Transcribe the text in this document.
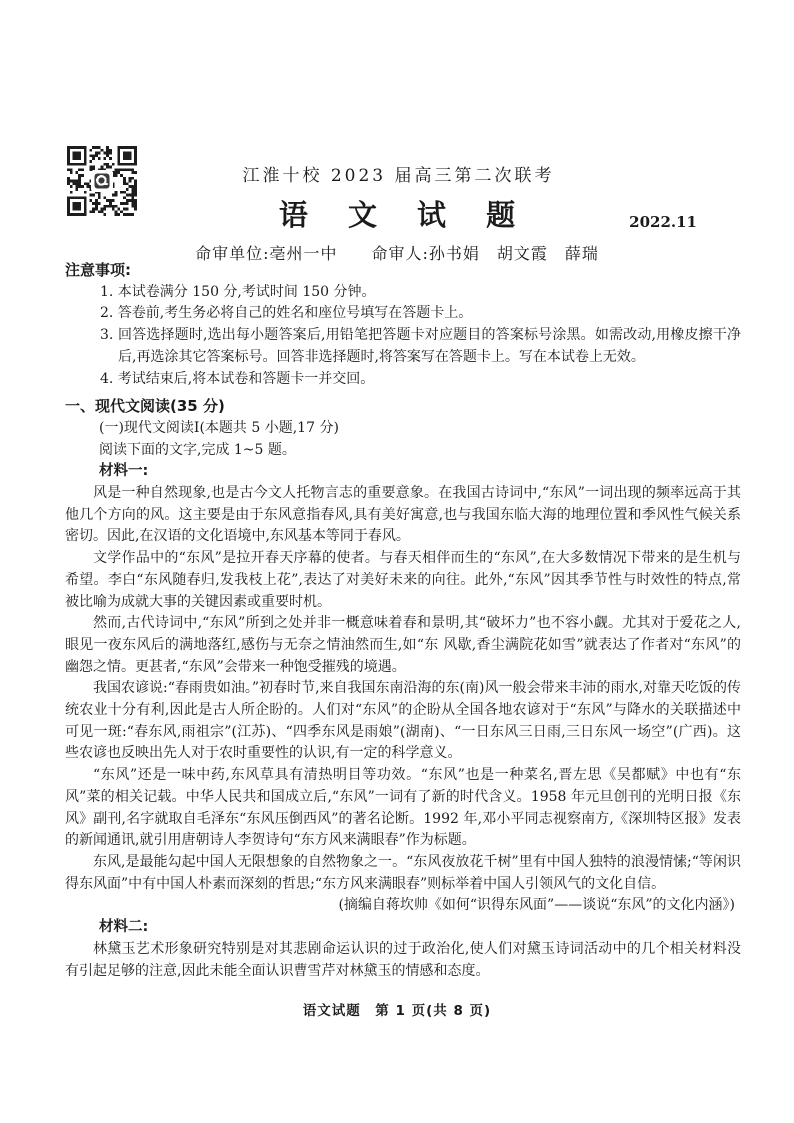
江淮十校 2023 届高三第二次联考
语 文 试 题	2022.11
命审单位:亳州一中　　命审人:孙书娟　胡文霞　薛瑞
注意事项:
1. 本试卷满分 150 分,考试时间 150 分钟。
2. 答卷前,考生务必将自己的姓名和座位号填写在答题卡上。
3. 回答选择题时,选出每小题答案后,用铅笔把答题卡对应题目的答案标号涂黑。如需改动,用橡皮擦干净后,再选涂其它答案标号。回答非选择题时,将答案写在答题卡上。写在本试卷上无效。
4. 考试结束后,将本试卷和答题卡一并交回。
一、现代文阅读(35 分)
(一)现代文阅读Ⅰ(本题共 5 小题,17 分)
阅读下面的文字,完成 1~5 题。
材料一:

风是一种自然现象,也是古今文人托物言志的重要意象。在我国古诗词中,“东风”一词出现的频率远高于其他几个方向的风。这主要是由于东风意指春风,具有美好寓意,也与我国东临大海的地理位置和季风性气候关系密切。因此,在汉语的文化语境中,东风基本等同于春风。

文学作品中的“东风”是拉开春天序幕的使者。与春天相伴而生的“东风”,在大多数情况下带来的是生机与希望。李白“东风随春归,发我枝上花”,表达了对美好未来的向往。此外,“东风”因其季节性与时效性的特点,常被比喻为成就大事的关键因素或重要时机。

然而,古代诗词中,“东风”所到之处并非一概意味着春和景明,其“破坏力”也不容小觑。尤其对于爱花之人,眼见一夜东风后的满地落红,感伤与无奈之情油然而生,如“东 风歇,香尘满院花如雪”就表达了作者对“东风”的幽怨之情。更甚者,“东风”会带来一种饱受摧残的境遇。

我国农谚说:“春雨贵如油。”初春时节,来自我国东南沿海的东(南)风一般会带来丰沛的雨水,对靠天吃饭的传统农业十分有利,因此是古人所企盼的。人们对“东风”的企盼从全国各地农谚对于“东风”与降水的关联描述中可见一斑:“春东风,雨祖宗”(江苏)、“四季东风是雨娘”(湖南)、“一日东风三日雨,三日东风一场空”(广西)。这些农谚也反映出先人对于农时重要性的认识,有一定的科学意义。

“东风”还是一味中药,东风草具有清热明目等功效。“东风”也是一种菜名,晋左思《吴都赋》中也有“东风”菜的相关记载。中华人民共和国成立后,“东风”一词有了新的时代含义。1958 年元旦创刊的光明日报《东风》副刊,名字就取自毛泽东“东风压倒西风”的著名论断。1992 年,邓小平同志视察南方,《深圳特区报》发表的新闻通讯,就引用唐朝诗人李贺诗句“东方风来满眼春”作为标题。

东风,是最能勾起中国人无限想象的自然物象之一。“东风夜放花千树”里有中国人独特的浪漫情愫;“等闲识得东风面”中有中国人朴素而深刻的哲思;“东方风来满眼春”则标举着中国人引领风气的文化自信。

(摘编自蒋坎帅《如何“识得东风面”——谈说“东风”的文化内涵》)
材料二:

林黛玉艺术形象研究特别是对其悲剧命运认识的过于政治化,使人们对黛玉诗词活动中的几个相关材料没有引起足够的注意,因此未能全面认识曹雪芹对林黛玉的情感和态度。

语文试题　第 1 页(共 8 页)
